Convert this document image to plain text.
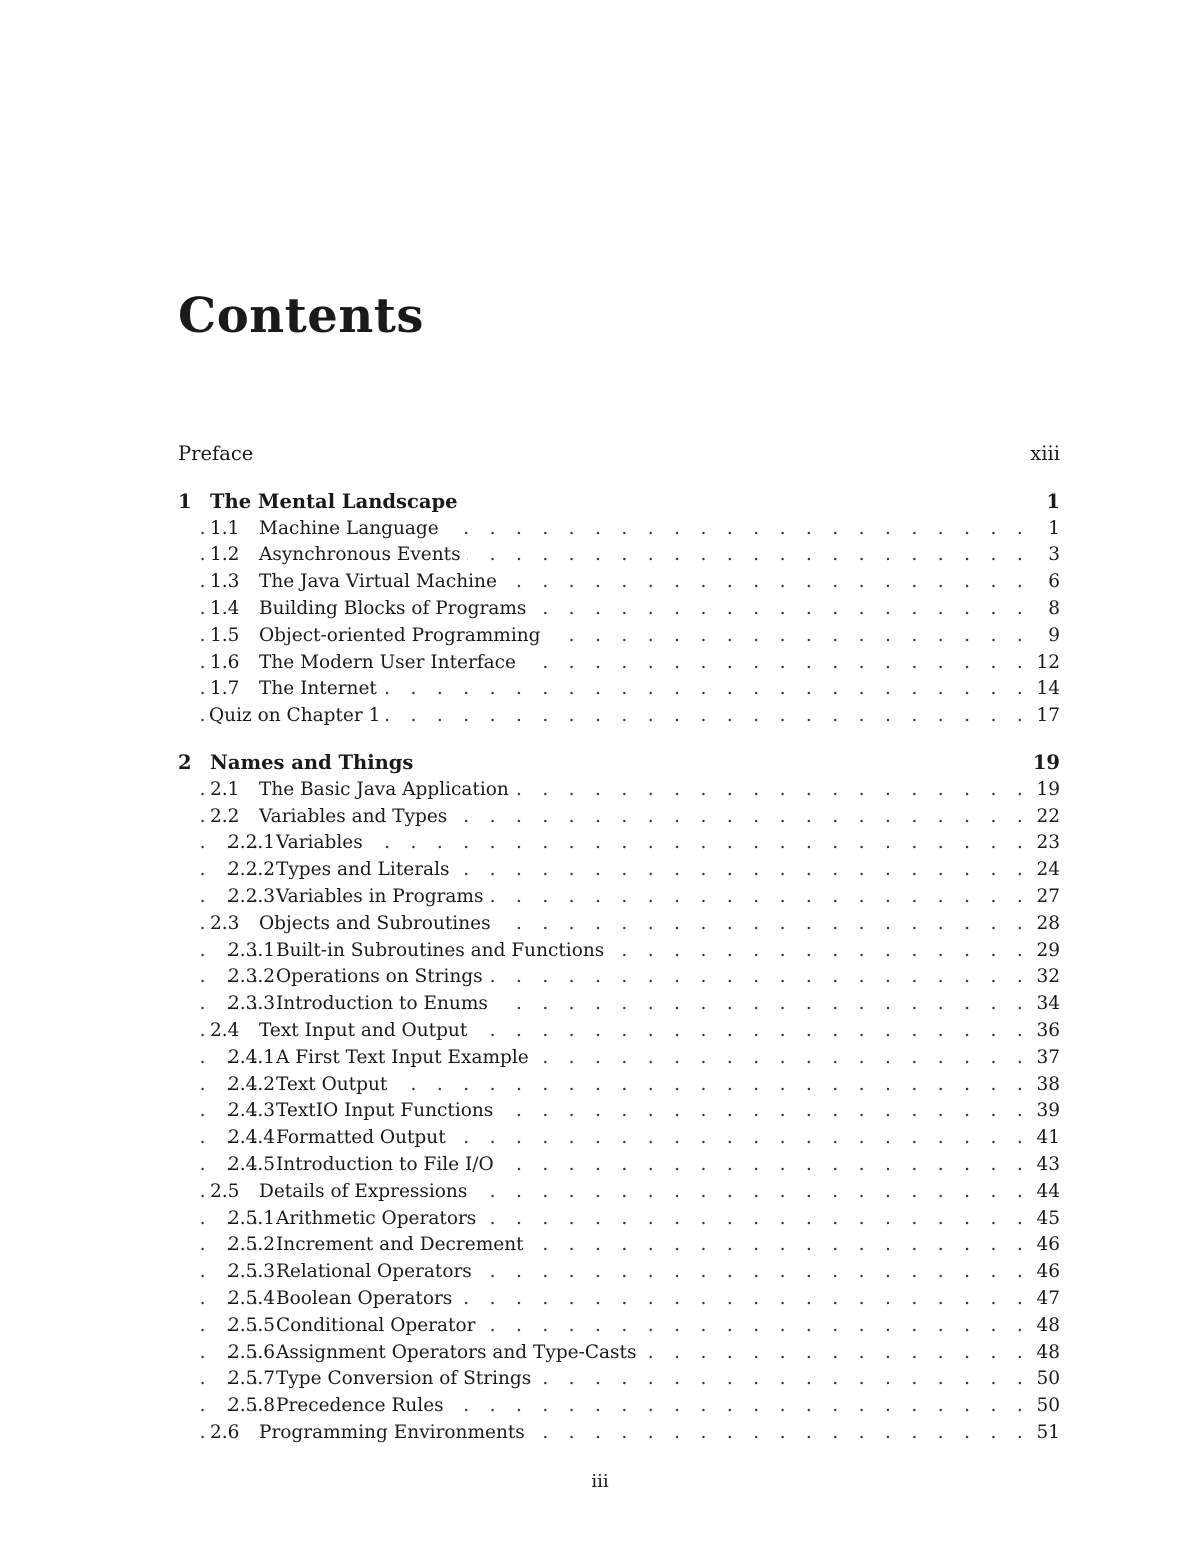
Contents
Preface	xiii
1 The Mental Landscape	1
. . .
1.1 Machine Language	1
. . .
1.2 Asynchronous Events	3
. . .
1.3 The Java Virtual Machine	6
. . .
1.4 Building Blocks of Programs	8
. . .
1.5 Object-oriented Programming	9
. . .
1.6 The Modern User Interface	12
. . .
1.7 The Internet	14
. . .
Quiz on Chapter 1	17
2 Names and Things	19
. . .
2.1 The Basic Java Application	19
. . .
2.2 Variables and Types	22
. . .
2.2.1Variables	23
. . .
2.2.2Types and Literals	24
. . .
2.2.3Variables in Programs	27
. . .
2.3 Objects and Subroutines	28
. . .
2.3.1Built-in Subroutines and Functions	29
. . .
2.3.2Operations on Strings	32
. . .
2.3.3Introduction to Enums	34
. . .
2.4 Text Input and Output	36
. . .
2.4.1A First Text Input Example	37
. . .
2.4.2Text Output	38
. . .
2.4.3TextIO Input Functions	39
. . .
2.4.4Formatted Output	41
. . .
2.4.5Introduction to File I/O	43
. . .
2.5 Details of Expressions	44
. . .
2.5.1Arithmetic Operators	45
. . .
2.5.2Increment and Decrement	46
. . .
2.5.3Relational Operators	46
. . .
2.5.4Boolean Operators	47
. . .
2.5.5Conditional Operator	48
. . .
2.5.6Assignment Operators and Type-Casts	48
. . .
2.5.7Type Conversion of Strings	50
. . .
2.5.8Precedence Rules	50
. . .
2.6 Programming Environments	51
iii
